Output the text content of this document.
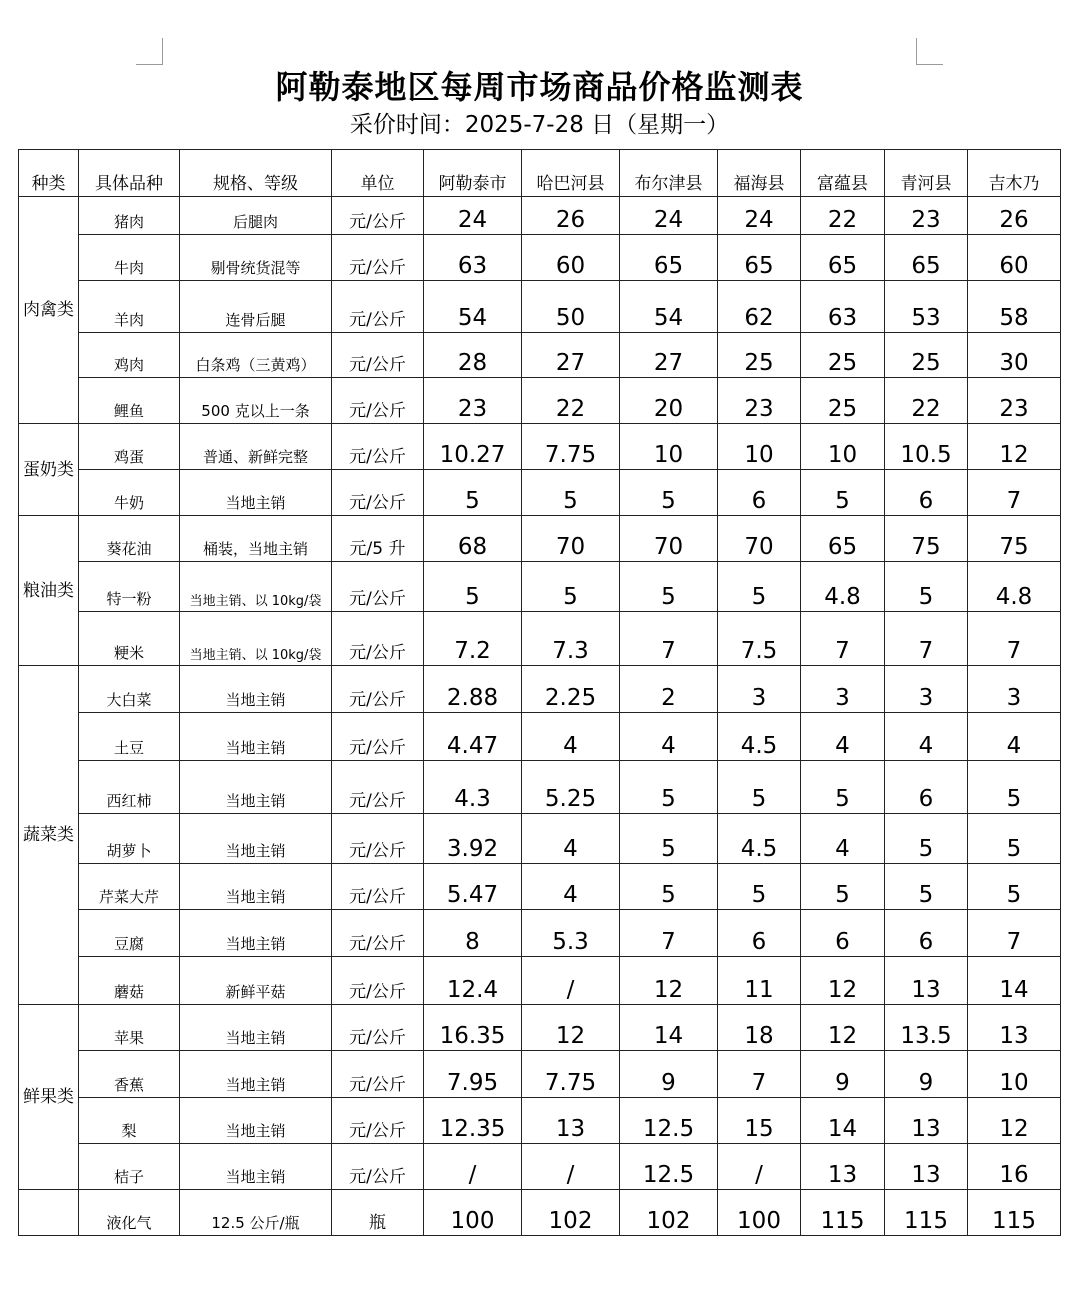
阿勒泰地区每周市场商品价格监测表
采价时间：2025-7-28 日（星期一）
种类	具体品种	规格、等级	单位	阿勒泰市	哈巴河县	布尔津县	福海县	富蕴县	青河县	吉木乃
肉禽类	猪肉	后腿肉	元/公斤	24	26	24	24	22	23	26
	牛肉	剔骨统货混等	元/公斤	63	60	65	65	65	65	60
	羊肉	连骨后腿	元/公斤	54	50	54	62	63	53	58
	鸡肉	白条鸡（三黄鸡）	元/公斤	28	27	27	25	25	25	30
	鲤鱼	500 克以上一条	元/公斤	23	22	20	23	25	22	23
蛋奶类	鸡蛋	普通、新鲜完整	元/公斤	10.27	7.75	10	10	10	10.5	12
	牛奶	当地主销	元/公斤	5	5	5	6	5	6	7
粮油类	葵花油	桶装，当地主销	元/5 升	68	70	70	70	65	75	75
	特一粉	当地主销、以 10kg/袋	元/公斤	5	5	5	5	4.8	5	4.8
	粳米	当地主销、以 10kg/袋	元/公斤	7.2	7.3	7	7.5	7	7	7
蔬菜类	大白菜	当地主销	元/公斤	2.88	2.25	2	3	3	3	3
	土豆	当地主销	元/公斤	4.47	4	4	4.5	4	4	4
	西红柿	当地主销	元/公斤	4.3	5.25	5	5	5	6	5
	胡萝卜	当地主销	元/公斤	3.92	4	5	4.5	4	5	5
	芹菜大芹	当地主销	元/公斤	5.47	4	5	5	5	5	5
	豆腐	当地主销	元/公斤	8	5.3	7	6	6	6	7
	蘑菇	新鲜平菇	元/公斤	12.4	/	12	11	12	13	14
鲜果类	苹果	当地主销	元/公斤	16.35	12	14	18	12	13.5	13
	香蕉	当地主销	元/公斤	7.95	7.75	9	7	9	9	10
	梨	当地主销	元/公斤	12.35	13	12.5	15	14	13	12
	桔子	当地主销	元/公斤	/	/	12.5	/	13	13	16
	液化气	12.5 公斤/瓶	瓶	100	102	102	100	115	115	115
